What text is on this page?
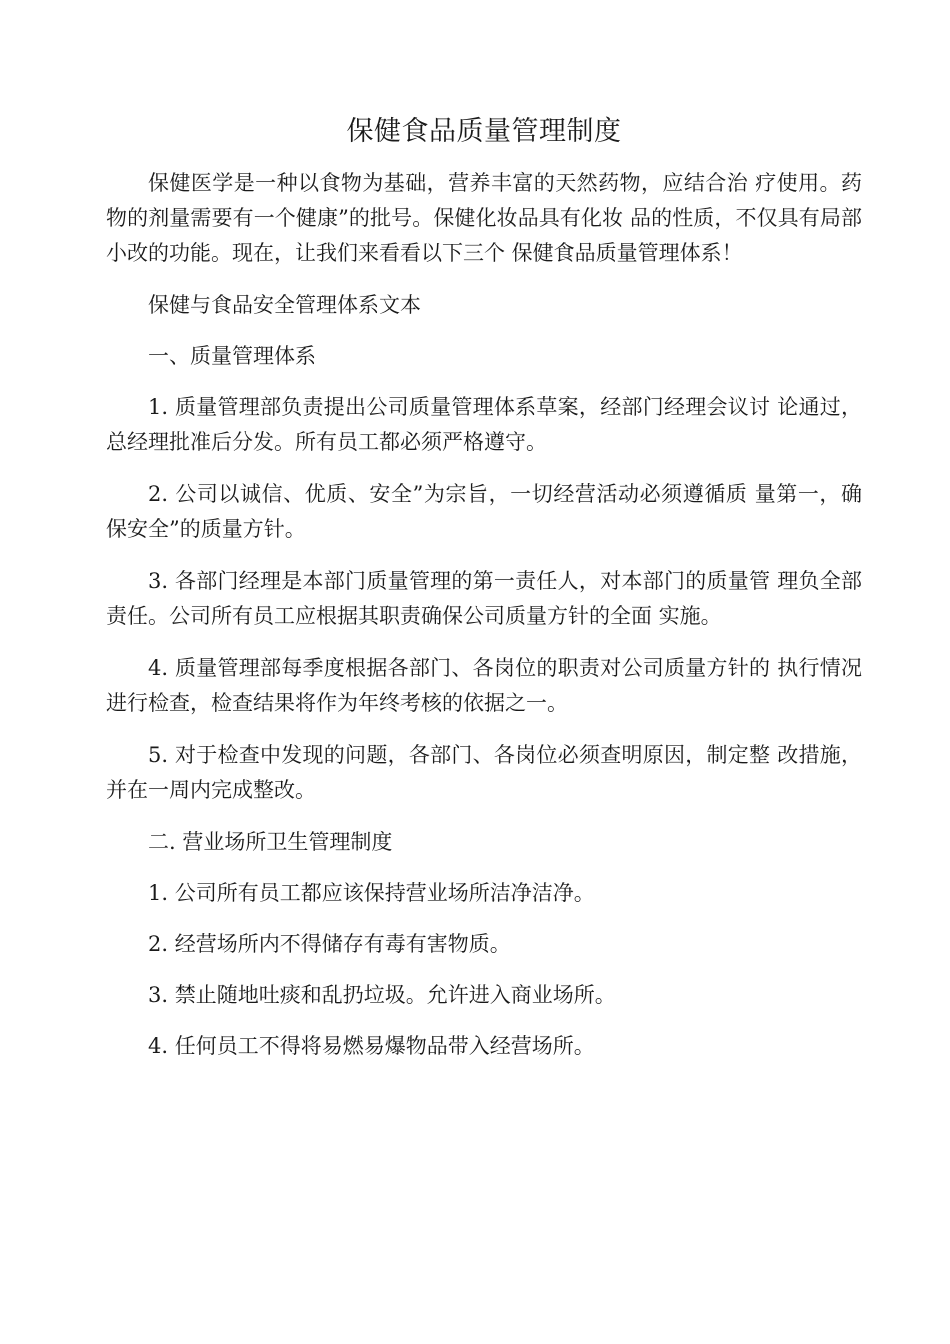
保健食品质量管理制度

保健医学是一种以食物为基础，营养丰富的天然药物，应结合治 疗使用。药物的剂量需要有一个健康”的批号。保健化妆品具有化妆 品的性质，不仅具有局部小改的功能。现在，让我们来看看以下三个 保健食品质量管理体系！

保健与食品安全管理体系文本

一、质量管理体系

1. 质量管理部负责提出公司质量管理体系草案，经部门经理会议讨 论通过，总经理批准后分发。所有员工都必须严格遵守。

2. 公司以诚信、优质、安全”为宗旨，一切经营活动必须遵循质 量第一，确保安全”的质量方针。

3. 各部门经理是本部门质量管理的第一责任人，对本部门的质量管 理负全部责任。公司所有员工应根据其职责确保公司质量方针的全面 实施。

4. 质量管理部每季度根据各部门、各岗位的职责对公司质量方针的 执行情况进行检查，检查结果将作为年终考核的依据之一。

5. 对于检查中发现的问题，各部门、各岗位必须查明原因，制定整 改措施，并在一周内完成整改。

二. 营业场所卫生管理制度

1. 公司所有员工都应该保持营业场所洁净洁净。

2. 经营场所内不得储存有毒有害物质。

3. 禁止随地吐痰和乱扔垃圾。允许进入商业场所。

4. 任何员工不得将易燃易爆物品带入经营场所。
